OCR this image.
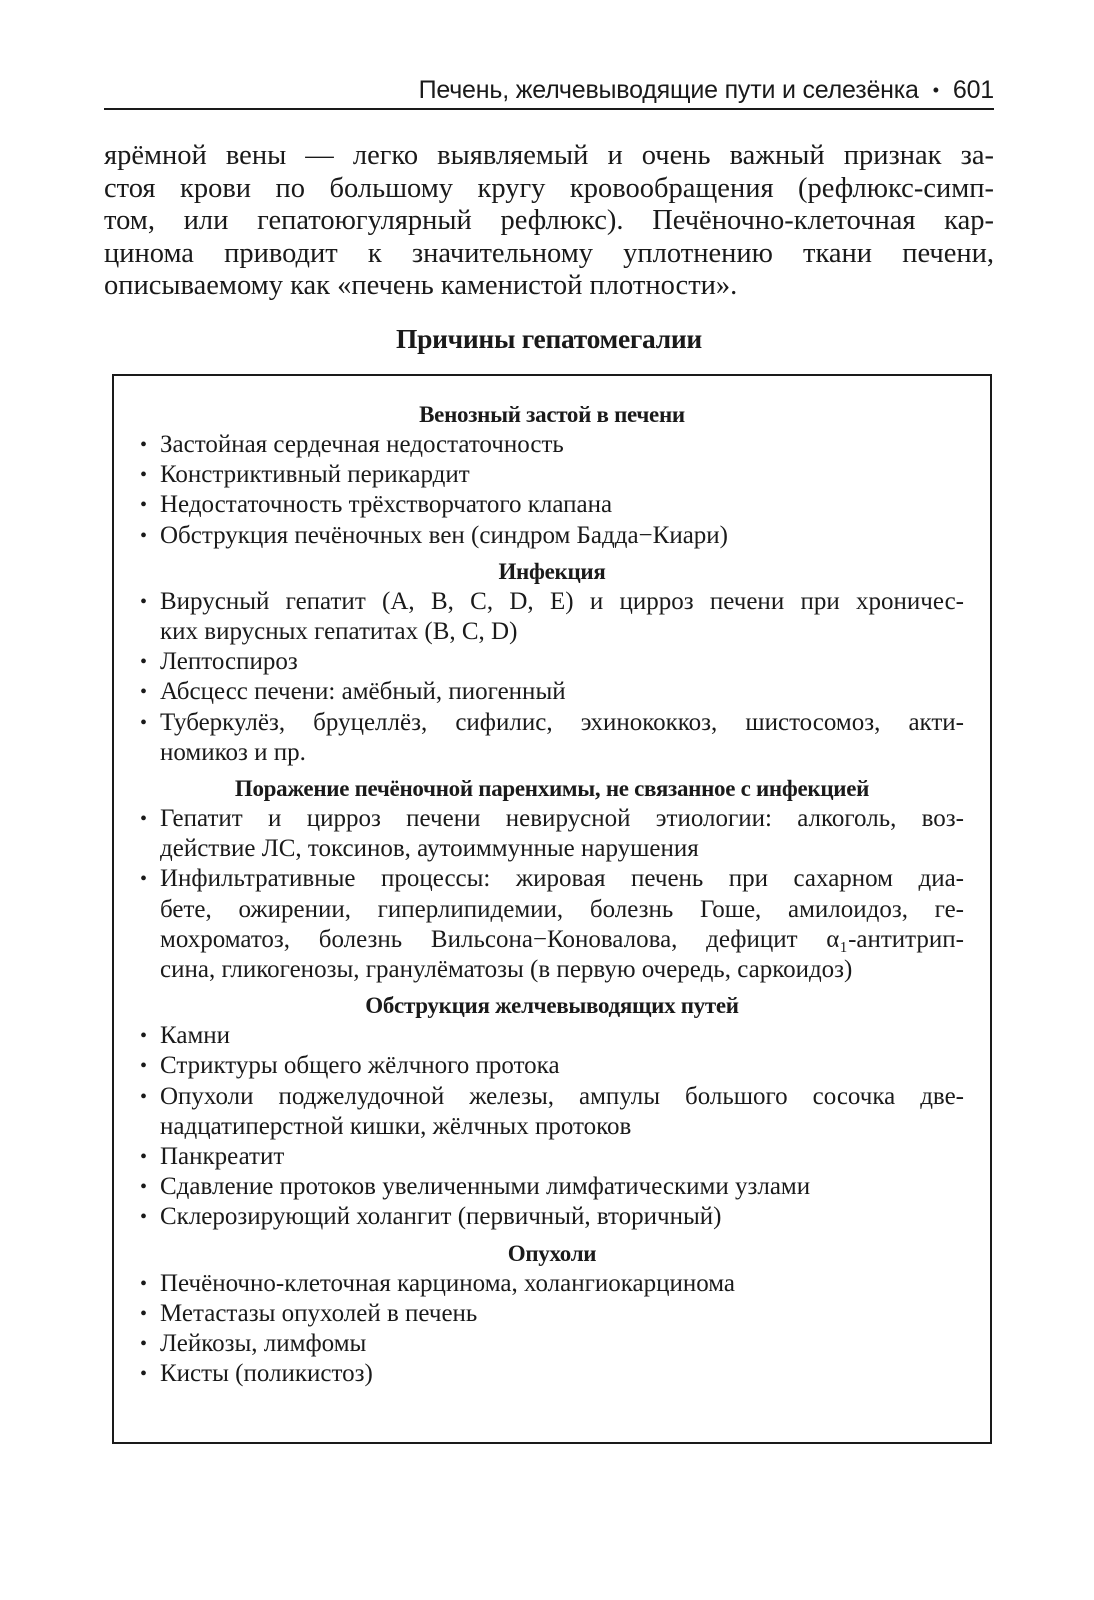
Печень, желчевыводящие пути и селезёнка • 601
ярёмной вены — легко выявляемый и очень важный признак за-
стоя крови по большому кругу кровообращения (рефлюкс-симп-
том, или гепатоюгулярный рефлюкс). Печёночно-клеточная кар-
цинома приводит к значительному уплотнению ткани печени,
описываемому как «печень каменистой плотности».
Причины гепатомегалии
Венозный застой в печени
• Застойная сердечная недостаточность
• Констриктивный перикардит
• Недостаточность трёхстворчатого клапана
• Обструкция печёночных вен (синдром Бадда−Киари)
Инфекция
• Вирусный гепатит (A, B, C, D, E) и цирроз печени при хроничес-
ких вирусных гепатитах (B, C, D)
• Лептоспироз
• Абсцесс печени: амёбный, пиогенный
• Туберкулёз, бруцеллёз, сифилис, эхинококкоз, шистосомоз, акти-
номикоз и пр.
Поражение печёночной паренхимы, не связанное с инфекцией
• Гепатит и цирроз печени невирусной этиологии: алкоголь, воз-
действие ЛС, токсинов, аутоиммунные нарушения
• Инфильтративные процессы: жировая печень при сахарном диа-
бете, ожирении, гиперлипидемии, болезнь Гоше, амилоидоз, ге-
мохроматоз, болезнь Вильсона−Коновалова, дефицит α₁-антитрип-
сина, гликогенозы, гранулёматозы (в первую очередь, саркоидоз)
Обструкция желчевыводящих путей
• Камни
• Стриктуры общего жёлчного протока
• Опухоли поджелудочной железы, ампулы большого сосочка две-
надцатиперстной кишки, жёлчных протоков
• Панкреатит
• Сдавление протоков увеличенными лимфатическими узлами
• Склерозирующий холангит (первичный, вторичный)
Опухоли
• Печёночно-клеточная карцинома, холангиокарцинома
• Метастазы опухолей в печень
• Лейкозы, лимфомы
• Кисты (поликистоз)
